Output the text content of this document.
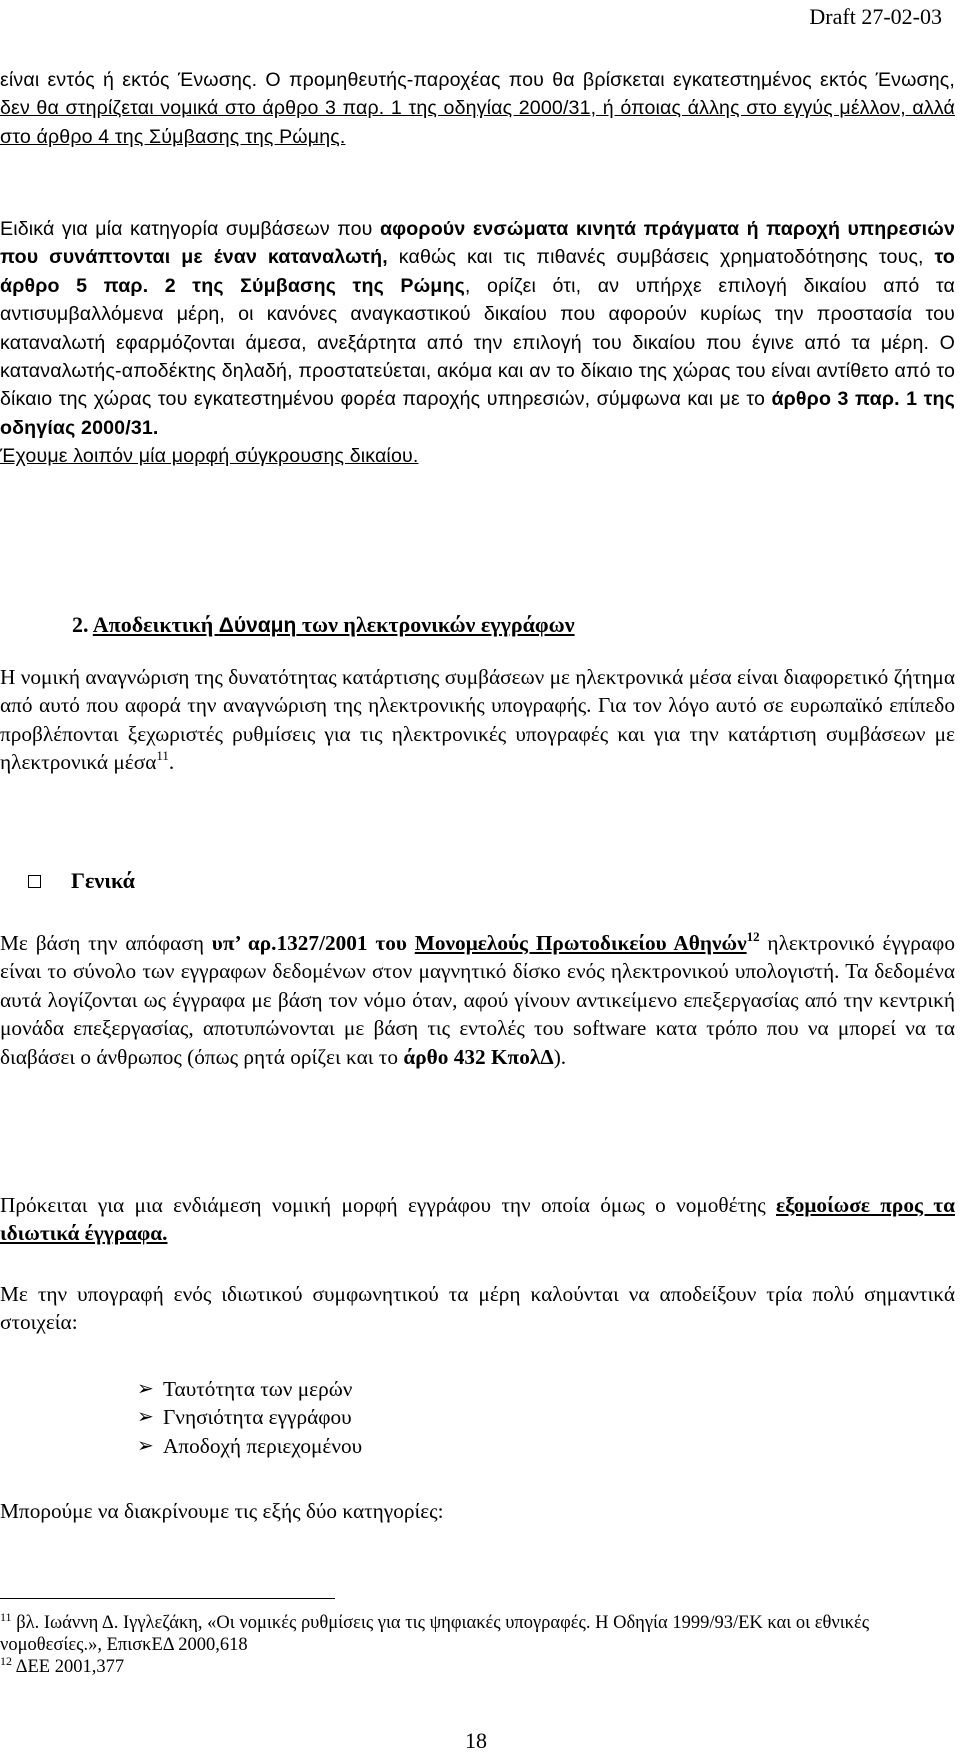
Draft 27-02-03
είναι εντός ή εκτός Ένωσης. Ο προμηθευτής-παροχέας που θα βρίσκεται εγκατεστημένος εκτός Ένωσης, δεν θα στηρίζεται νομικά στο άρθρο 3 παρ. 1 της οδηγίας 2000/31, ή όποιας άλλης στο εγγύς μέλλον, αλλά στο άρθρο 4 της Σύμβασης της Ρώμης.
Ειδικά για μία κατηγορία συμβάσεων που αφορούν ενσώματα κινητά πράγματα ή παροχή υπηρεσιών που συνάπτονται με έναν καταναλωτή, καθώς και τις πιθανές συμβάσεις χρηματοδότησης τους, το άρθρο 5 παρ. 2 της Σύμβασης της Ρώμης, ορίζει ότι, αν υπήρχε επιλογή δικαίου από τα αντισυμβαλλόμενα μέρη, οι κανόνες αναγκαστικού δικαίου που αφορούν κυρίως την προστασία του καταναλωτή εφαρμόζονται άμεσα, ανεξάρτητα από την επιλογή του δικαίου που έγινε από τα μέρη. Ο καταναλωτής-αποδέκτης δηλαδή, προστατεύεται, ακόμα και αν το δίκαιο της χώρας του είναι αντίθετο από το δίκαιο της χώρας του εγκατεστημένου φορέα παροχής υπηρεσιών, σύμφωνα και με το άρθρο 3 παρ. 1 της οδηγίας 2000/31.
Έχουμε λοιπόν μία μορφή σύγκρουσης δικαίου.
2. Αποδεικτική Δύναμη των ηλεκτρονικών εγγράφων
Η νομική αναγνώριση της δυνατότητας κατάρτισης συμβάσεων με ηλεκτρονικά μέσα είναι διαφορετικό ζήτημα από αυτό που αφορά την αναγνώριση της ηλεκτρονικής υπογραφής. Για τον λόγο αυτό σε ευρωπαϊκό επίπεδο προβλέπονται ξεχωριστές ρυθμίσεις για τις ηλεκτρονικές υπογραφές και για την κατάρτιση συμβάσεων με ηλεκτρονικά μέσα$^{11}$.
Γενικά
Με βάση την απόφαση υπ’ αρ.1327/2001 του Μονομελούς Πρωτοδικείου Αθηνών$^{12}$ ηλεκτρονικό έγγραφο είναι το σύνολο των εγγραφων δεδομένων στον μαγνητικό δίσκο ενός ηλεκτρονικού υπολογιστή. Τα δεδομένα αυτά λογίζονται ως έγγραφα με βάση τον νόμο όταν, αφού γίνουν αντικείμενο επεξεργασίας από την κεντρική μονάδα επεξεργασίας, αποτυπώνονται με βάση τις εντολές του software κατα τρόπο που να μπορεί να τα διαβάσει ο άνθρωπος (όπως ρητά ορίζει και το άρθο 432 ΚπολΔ).
Πρόκειται για μια ενδιάμεση νομική μορφή εγγράφου την οποία όμως ο νομοθέτης εξομοίωσε προς τα ιδιωτικά έγγραφα.
Με την υπογραφή ενός ιδιωτικού συμφωνητικού τα μέρη καλούνται να αποδείξουν τρία πολύ σημαντικά στοιχεία:
➢ Ταυτότητα των μερών
➢ Γνησιότητα εγγράφου
➢ Αποδοχή περιεχομένου
Μπορούμε να διακρίνουμε τις εξής δύο κατηγορίες:
$^{11}$ βλ. Ιωάννη Δ. Ιγγλεζάκη, «Οι νομικές ρυθμίσεις για τις ψηφιακές υπογραφές. Η Οδηγία 1999/93/ΕΚ και οι εθνικές νομοθεσίες.», ΕπισκΕΔ 2000,618
$^{12}$ ΔΕΕ 2001,377
18
